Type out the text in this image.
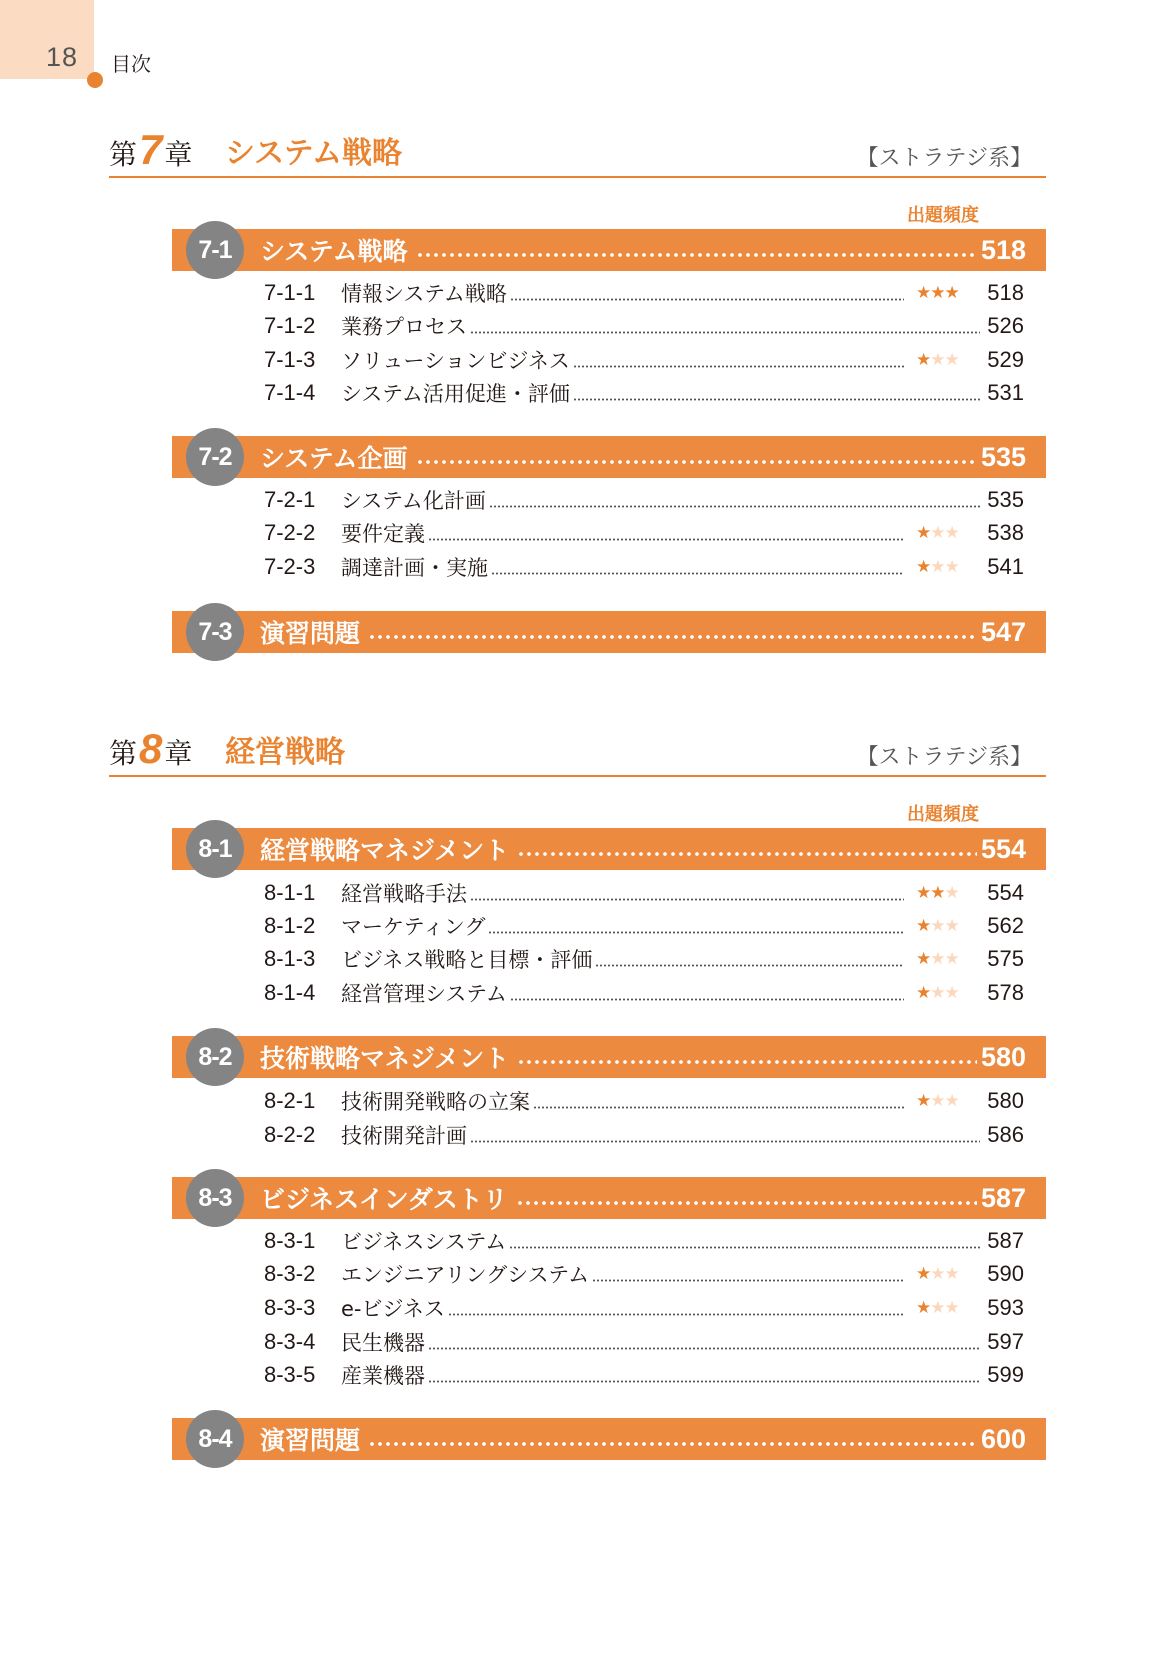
18 目次
第7章 システム戦略	【ストラテジ系】
出題頻度
7-1	システム戦略	518
7-1-1	情報システム戦略	★★★	518
7-1-2	業務プロセス	526
7-1-3	ソリューションビジネス	★★★	529
7-1-4	システム活用促進・評価	531
7-2	システム企画	535
7-2-1	システム化計画	535
7-2-2	要件定義	★★★	538
7-2-3	調達計画・実施	★★★	541
7-3	演習問題	547
第8章 経営戦略	【ストラテジ系】
出題頻度
8-1	経営戦略マネジメント	554
8-1-1	経営戦略手法	★★★	554
8-1-2	マーケティング	★★★	562
8-1-3	ビジネス戦略と目標・評価	★★★	575
8-1-4	経営管理システム	★★★	578
8-2	技術戦略マネジメント	580
8-2-1	技術開発戦略の立案	★★★	580
8-2-2	技術開発計画	586
8-3	ビジネスインダストリ	587
8-3-1	ビジネスシステム	587
8-3-2	エンジニアリングシステム	★★★	590
8-3-3	e-ビジネス	★★★	593
8-3-4	民生機器	597
8-3-5	産業機器	599
8-4	演習問題	600
